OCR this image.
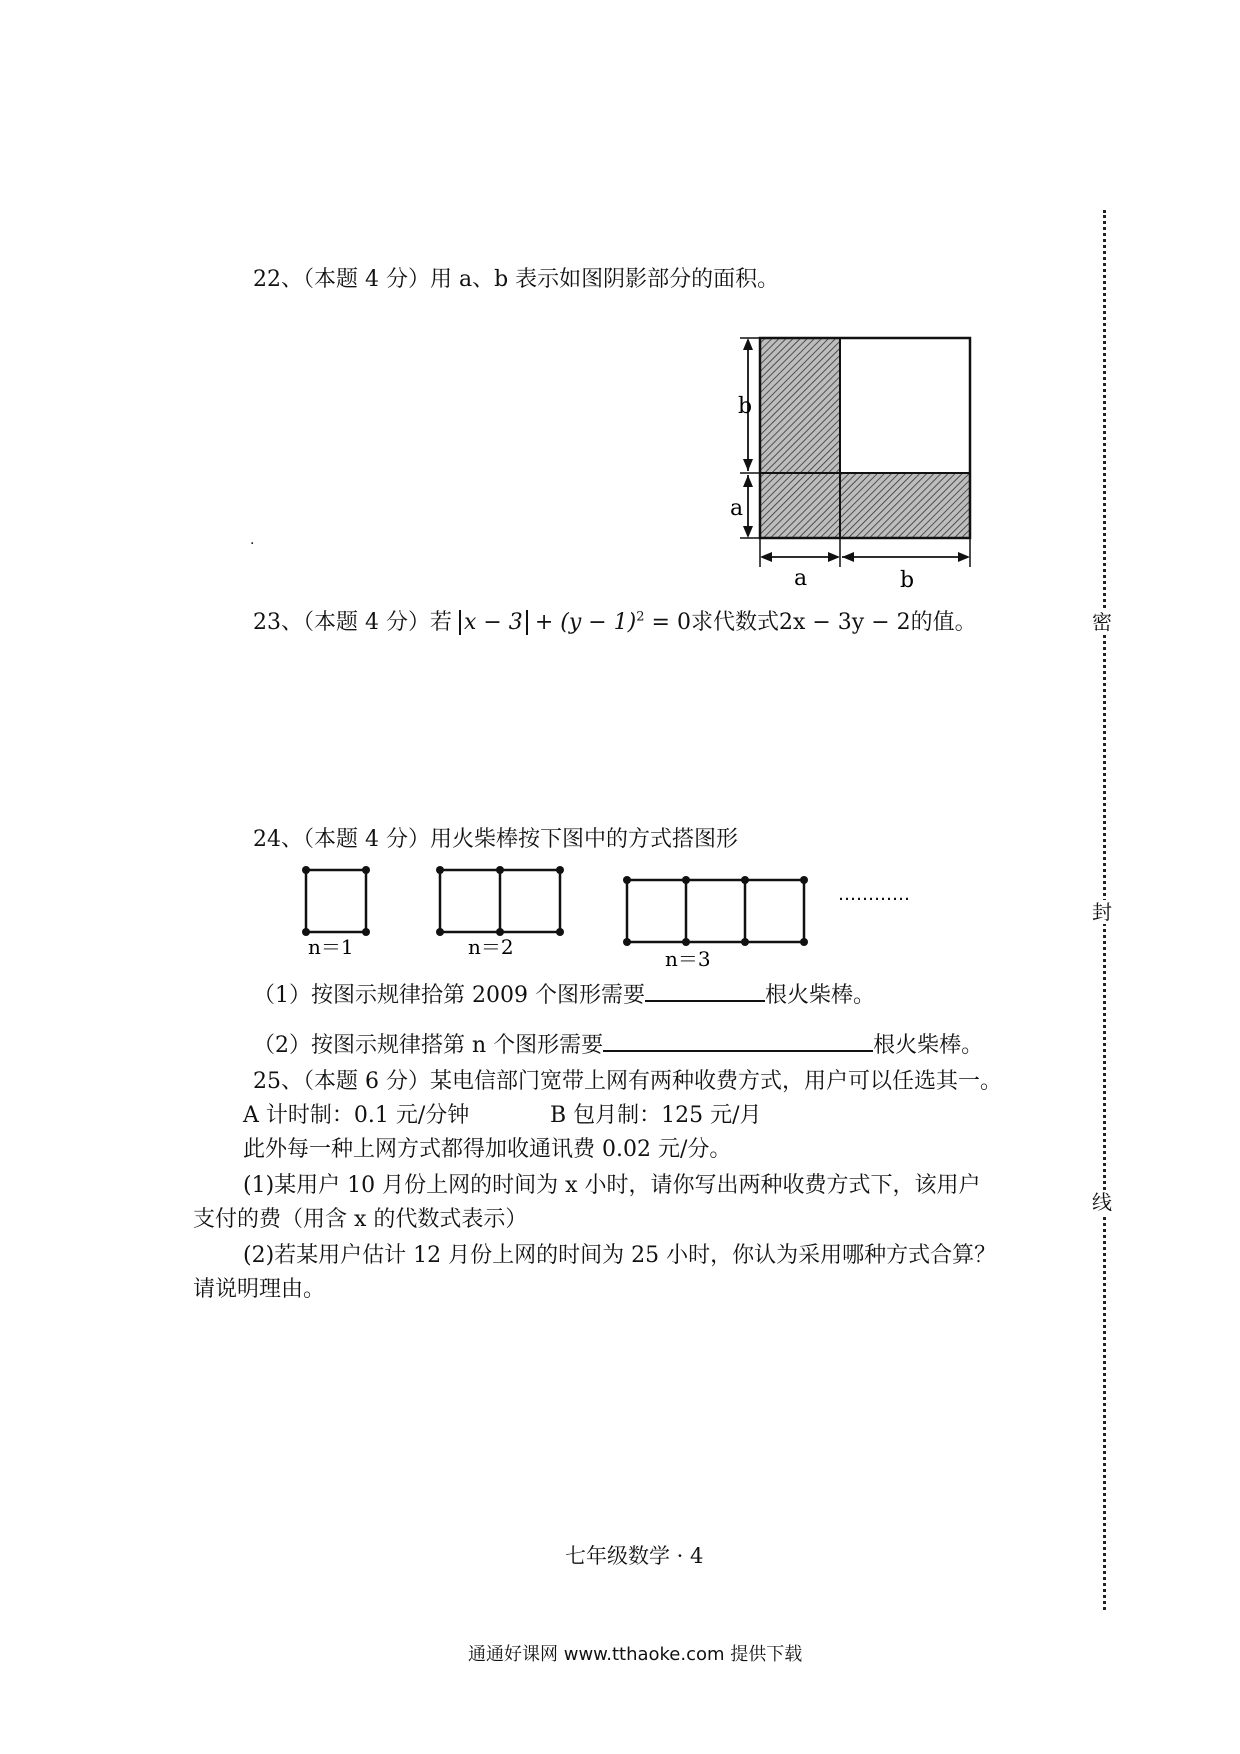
密
封
线
22、（本题 4 分）用 a、b 表示如图阴影部分的面积。
b
a
a	b
·
23、（本题 4 分）若 $x - 3 + (y - 1)^2 = 0$求代数式2x − 3y − 2的值。
24、（本题 4 分）用火柴棒按下图中的方式搭图形
n＝1	n＝2	n＝3
…………
（1）按图示规律拾第 2009 个图形需要	根火柴棒。
（2）按图示规律搭第 n 个图形需要	根火柴棒。
25、（本题 6 分）某电信部门宽带上网有两种收费方式，用户可以任选其一。
A 计时制：0.1 元/分钟	B 包月制：125 元/月
此外每一种上网方式都得加收通讯费 0.02 元/分。
(1)某用户 10 月份上网的时间为 x 小时，请你写出两种收费方式下，该用户
支付的费（用含 x 的代数式表示）
(2)若某用户估计 12 月份上网的时间为 25 小时，你认为采用哪种方式合算？
请说明理由。
七年级数学 · 4
通通好课网 www.tthaoke.com 提供下载
